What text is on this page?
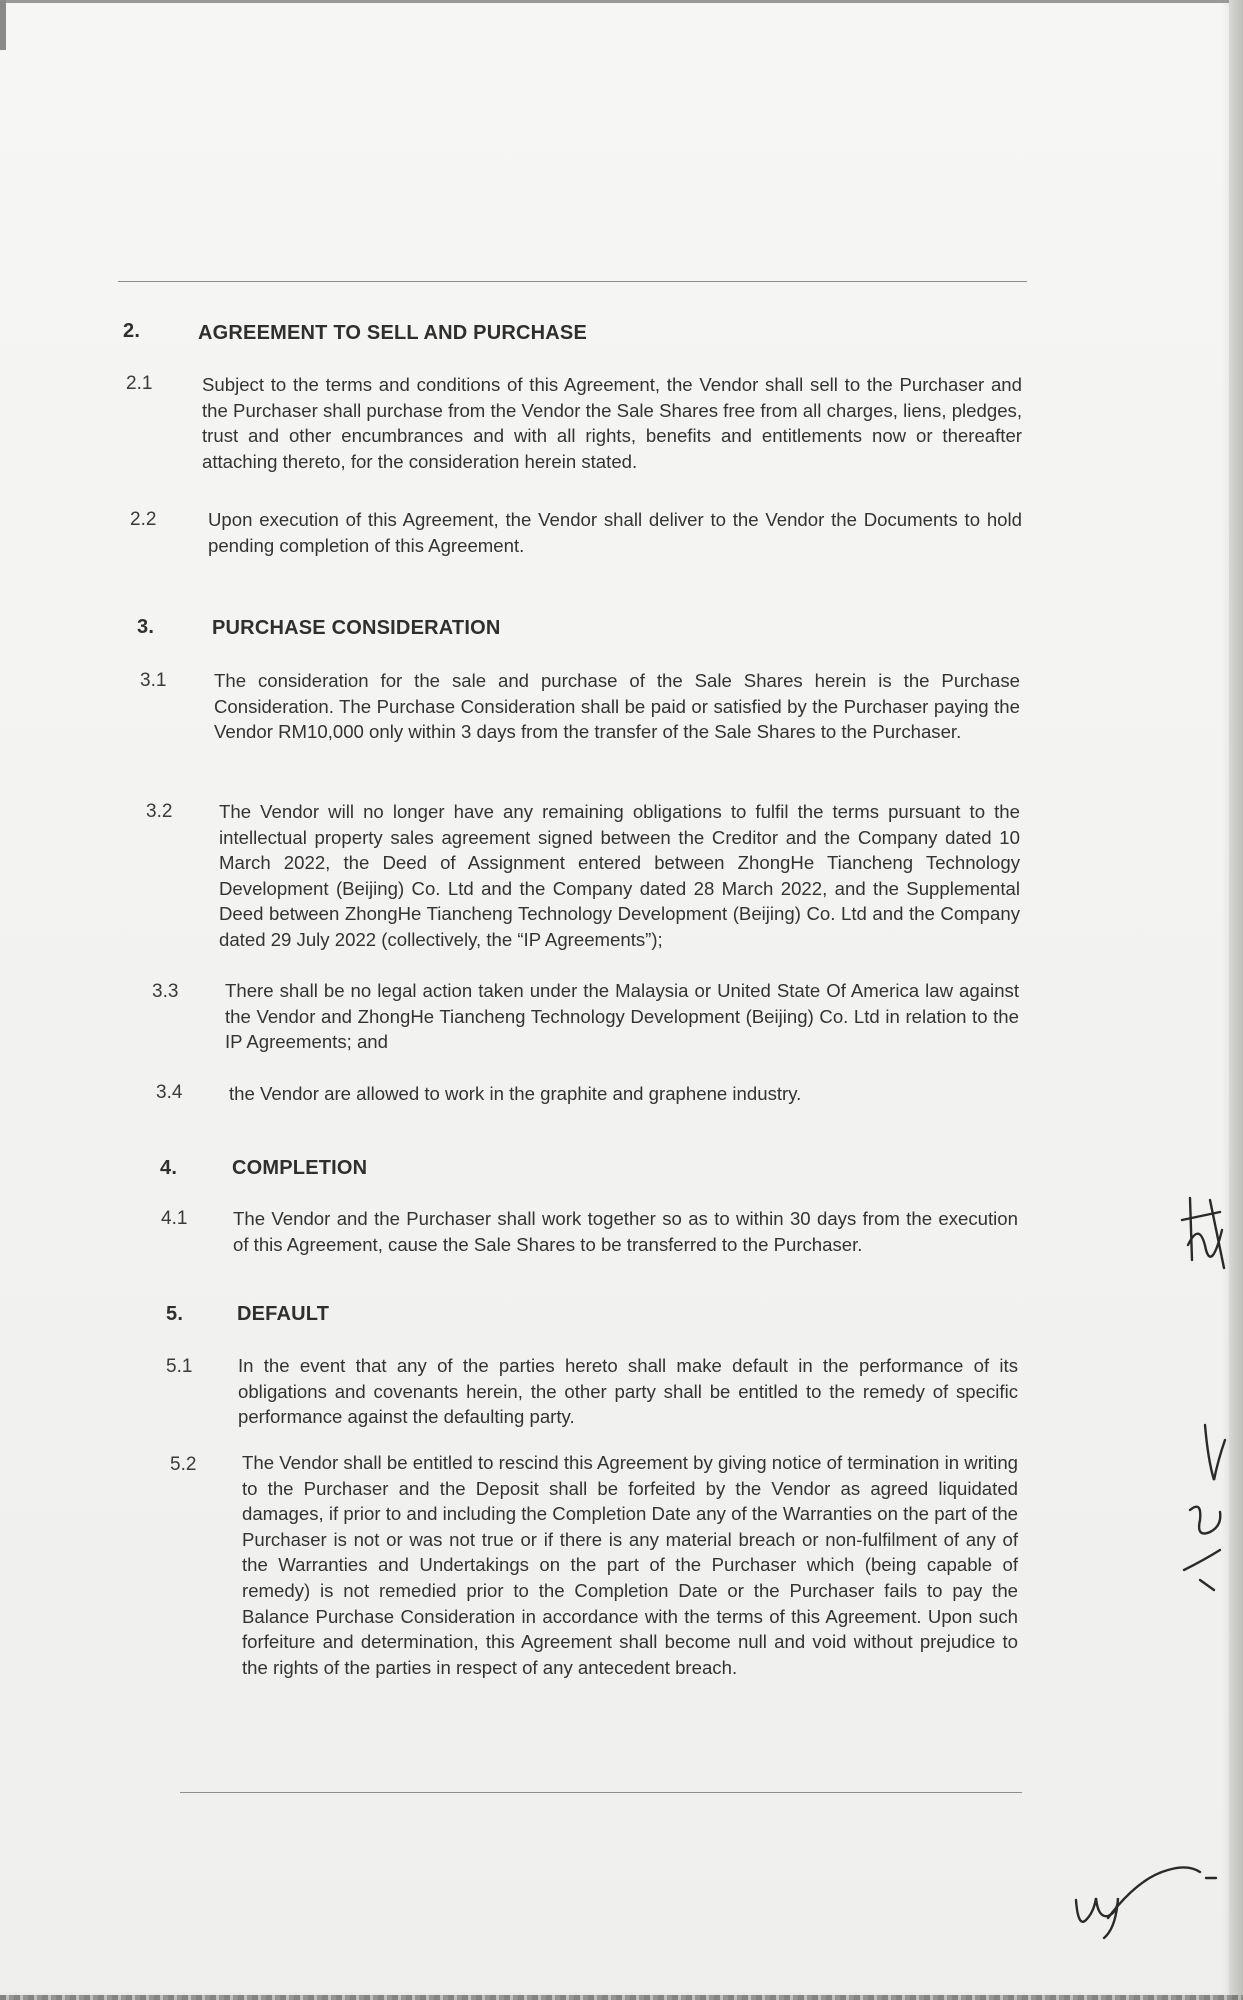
2.	AGREEMENT TO SELL AND PURCHASE
2.1	Subject to the terms and conditions of this Agreement, the Vendor shall sell to the Purchaser and the Purchaser shall purchase from the Vendor the Sale Shares free from all charges, liens, pledges, trust and other encumbrances and with all rights, benefits and entitlements now or thereafter attaching thereto, for the consideration herein stated.

2.2	Upon execution of this Agreement, the Vendor shall deliver to the Vendor the Documents to hold pending completion of this Agreement.

3.	PURCHASE CONSIDERATION
3.1	The consideration for the sale and purchase of the Sale Shares herein is the Purchase Consideration. The Purchase Consideration shall be paid or satisfied by the Purchaser paying the Vendor RM10,000 only within 3 days from the transfer of the Sale Shares to the Purchaser.

3.2	The Vendor will no longer have any remaining obligations to fulfil the terms pursuant to the intellectual property sales agreement signed between the Creditor and the Company dated 10 March 2022, the Deed of Assignment entered between ZhongHe Tiancheng Technology Development (Beijing) Co. Ltd and the Company dated 28 March 2022, and the Supplemental Deed between ZhongHe Tiancheng Technology Development (Beijing) Co. Ltd and the Company dated 29 July 2022 (collectively, the “IP Agreements”);

3.3	There shall be no legal action taken under the Malaysia or United State Of America law against the Vendor and ZhongHe Tiancheng Technology Development (Beijing) Co. Ltd in relation to the IP Agreements; and

3.4	the Vendor are allowed to work in the graphite and graphene industry.

4.	COMPLETION
4.1 The Vendor and the Purchaser shall work together so as to within 30 days from the execution of this Agreement, cause the Sale Shares to be transferred to the Purchaser.

5.	DEFAULT
5.1 In the event that any of the parties hereto shall make default in the performance of its obligations and covenants herein, the other party shall be entitled to the remedy of specific performance against the defaulting party.

5.2 The Vendor shall be entitled to rescind this Agreement by giving notice of termination in writing to the Purchaser and the Deposit shall be forfeited by the Vendor as agreed liquidated damages, if prior to and including the Completion Date any of the Warranties on the part of the Purchaser is not or was not true or if there is any material breach or non-fulfilment of any of the Warranties and Undertakings on the part of the Purchaser which (being capable of remedy) is not remedied prior to the Completion Date or the Purchaser fails to pay the Balance Purchase Consideration in accordance with the terms of this Agreement. Upon such forfeiture and determination, this Agreement shall become null and void without prejudice to the rights of the parties in respect of any antecedent breach.
